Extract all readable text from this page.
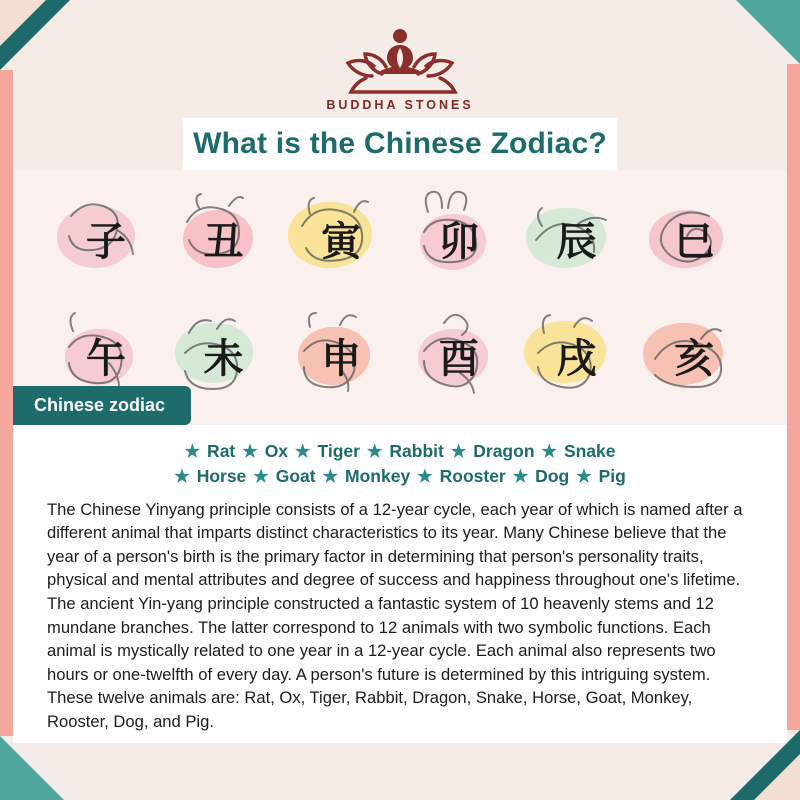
BUDDHA STONES
What is the Chinese Zodiac?
子 丑 寅 卯 辰 巳
午 未 申 酉 戌 亥
Chinese zodiac
★ Rat ★ Ox ★ Tiger ★ Rabbit ★ Dragon ★ Snake
★ Horse ★ Goat ★ Monkey ★ Rooster ★ Dog ★ Pig

The Chinese Yinyang principle consists of a 12-year cycle, each year of which is named after a different animal that imparts distinct characteristics to its year. Many Chinese believe that the year of a person's birth is the primary factor in determining that person's personality traits, physical and mental attributes and degree of success and happiness throughout one's lifetime. The ancient Yin-yang principle constructed a fantastic system of 10 heavenly stems and 12 mundane branches. The latter correspond to 12 animals with two symbolic functions. Each animal is mystically related to one year in a 12-year cycle. Each animal also represents two hours or one-twelfth of every day. A person's future is determined by this intriguing system. These twelve animals are: Rat, Ox, Tiger, Rabbit, Dragon, Snake, Horse, Goat, Monkey, Rooster, Dog, and Pig.
